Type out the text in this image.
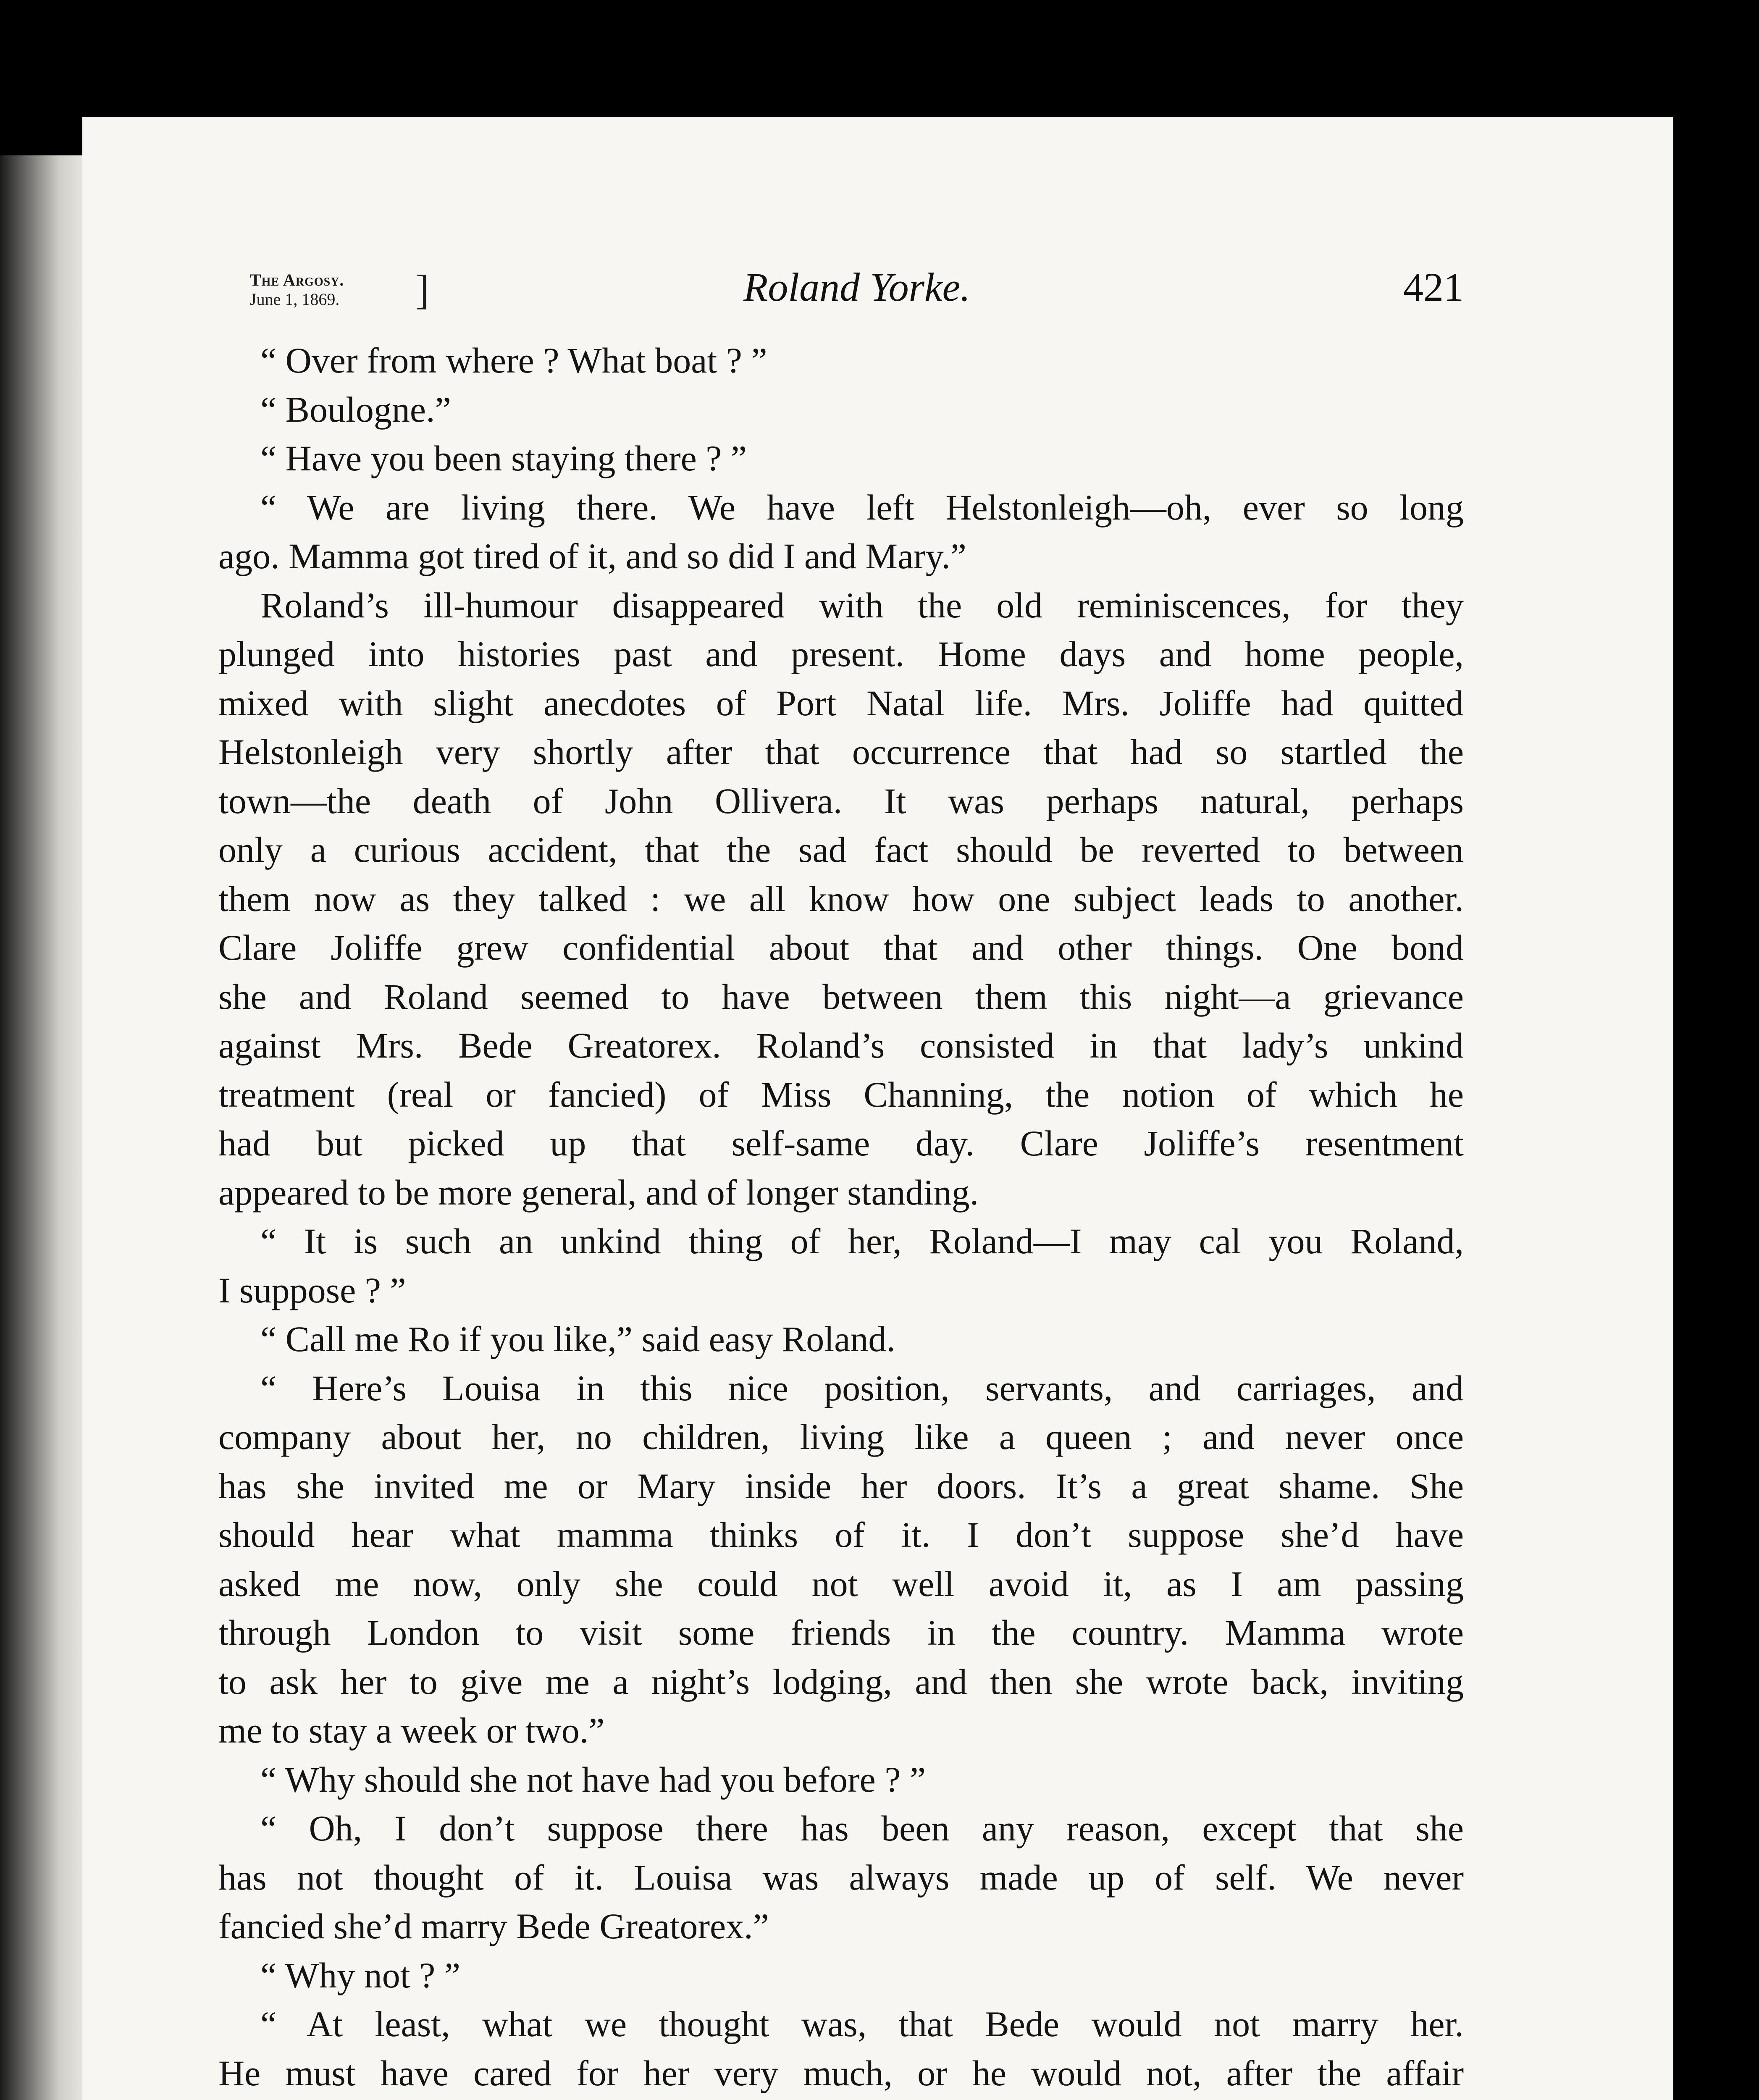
The Argosy.
June 1, 1869. ]	Roland Yorke.	421

“ Over from where ? What boat ? ”

“ Boulogne.”

“ Have you been staying there ? ”

“ We are living there. We have left Helstonleigh—oh, ever so long

ago. Mamma got tired of it, and so did I and Mary.”

Roland’s ill-humour disappeared with the old reminiscences, for they

plunged into histories past and present. Home days and home people,

mixed with slight anecdotes of Port Natal life. Mrs. Joliffe had quitted

Helstonleigh very shortly after that occurrence that had so startled the

town—the death of John Ollivera. It was perhaps natural, perhaps

only a curious accident, that the sad fact should be reverted to between

them now as they talked : we all know how one subject leads to another.

Clare Joliffe grew confidential about that and other things. One bond

she and Roland seemed to have between them this night—a grievance

against Mrs. Bede Greatorex. Roland’s consisted in that lady’s unkind

treatment (real or fancied) of Miss Channing, the notion of which he

had but picked up that self-same day. Clare Joliffe’s resentment

appeared to be more general, and of longer standing.

“ It is such an unkind thing of her, Roland—I may cal you Roland,

I suppose ? ”

“ Call me Ro if you like,” said easy Roland.

“ Here’s Louisa in this nice position, servants, and carriages, and

company about her, no children, living like a queen ; and never once

has she invited me or Mary inside her doors. It’s a great shame. She

should hear what mamma thinks of it. I don’t suppose she’d have

asked me now, only she could not well avoid it, as I am passing

through London to visit some friends in the country. Mamma wrote

to ask her to give me a night’s lodging, and then she wrote back, inviting

me to stay a week or two.”

“ Why should she not have had you before ? ”

“ Oh, I don’t suppose there has been any reason, except that she

has not thought of it. Louisa was always made up of self. We never

fancied she’d marry Bede Greatorex.”

“ Why not ? ”

“ At least, what we thought was, that Bede would not marry her.

He must have cared for her very much, or he would not, after the affair
